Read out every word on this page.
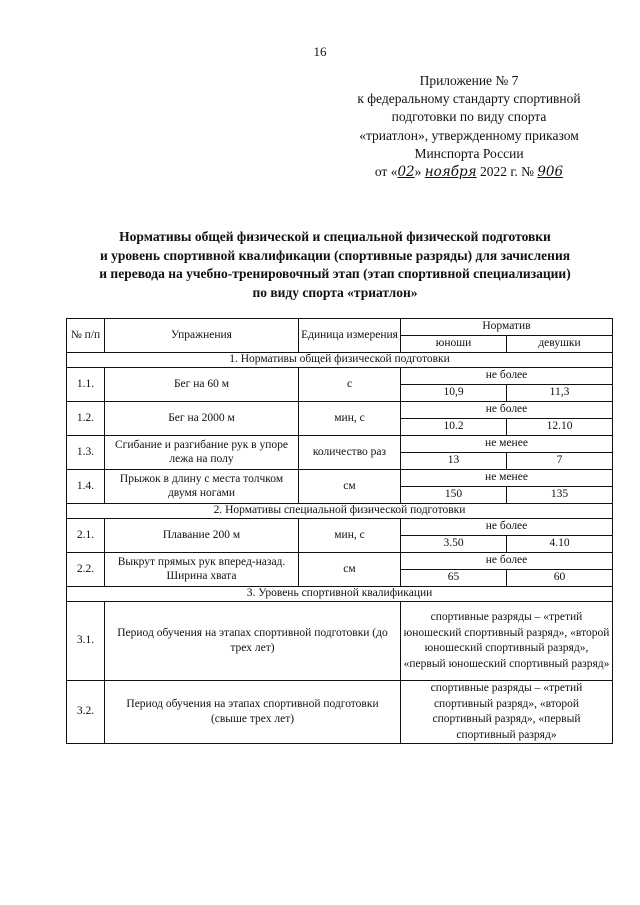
16
Приложение № 7
к федеральному стандарту спортивной
подготовки по виду спорта
«триатлон», утвержденному приказом
Минспорта России
от «02» ноября 2022 г. № 906
Нормативы общей физической и специальной физической подготовки
и уровень спортивной квалификации (спортивные разряды) для зачисления
и перевода на учебно-тренировочный этап (этап спортивной специализации)
по виду спорта «триатлон»
№ п/п	Упражнения	Единица измерения	Норматив	
			юноши	девушки
1. Нормативы общей физической подготовки				
1.1.	Бег на 60 м	с	не более	
			10,9	11,3
1.2.	Бег на 2000 м	мин, с	не более	
			10.2	12.10
1.3.	Сгибание и разгибание рук в упоре лежа на полу	количество раз	не менее	
			13	7
1.4.	Прыжок в длину с места толчком двумя ногами	см	не менее	
			150	135
2. Нормативы специальной физической подготовки				
2.1.	Плавание 200 м	мин, с	не более	
			3.50	4.10
2.2.	Выкрут прямых рук вперед-назад. Ширина хвата	см	не более	
			65	60
3. Уровень спортивной квалификации				
3.1.	Период обучения на этапах спортивной подготовки (до трех лет)		спортивные разряды – «третий юношеский спортивный разряд», «второй юношеский спортивный разряд», «первый юношеский спортивный разряд»	
3.2.	Период обучения на этапах спортивной подготовки (свыше трех лет)		спортивные разряды – «третий спортивный разряд», «второй спортивный разряд», «первый спортивный разряд»	
